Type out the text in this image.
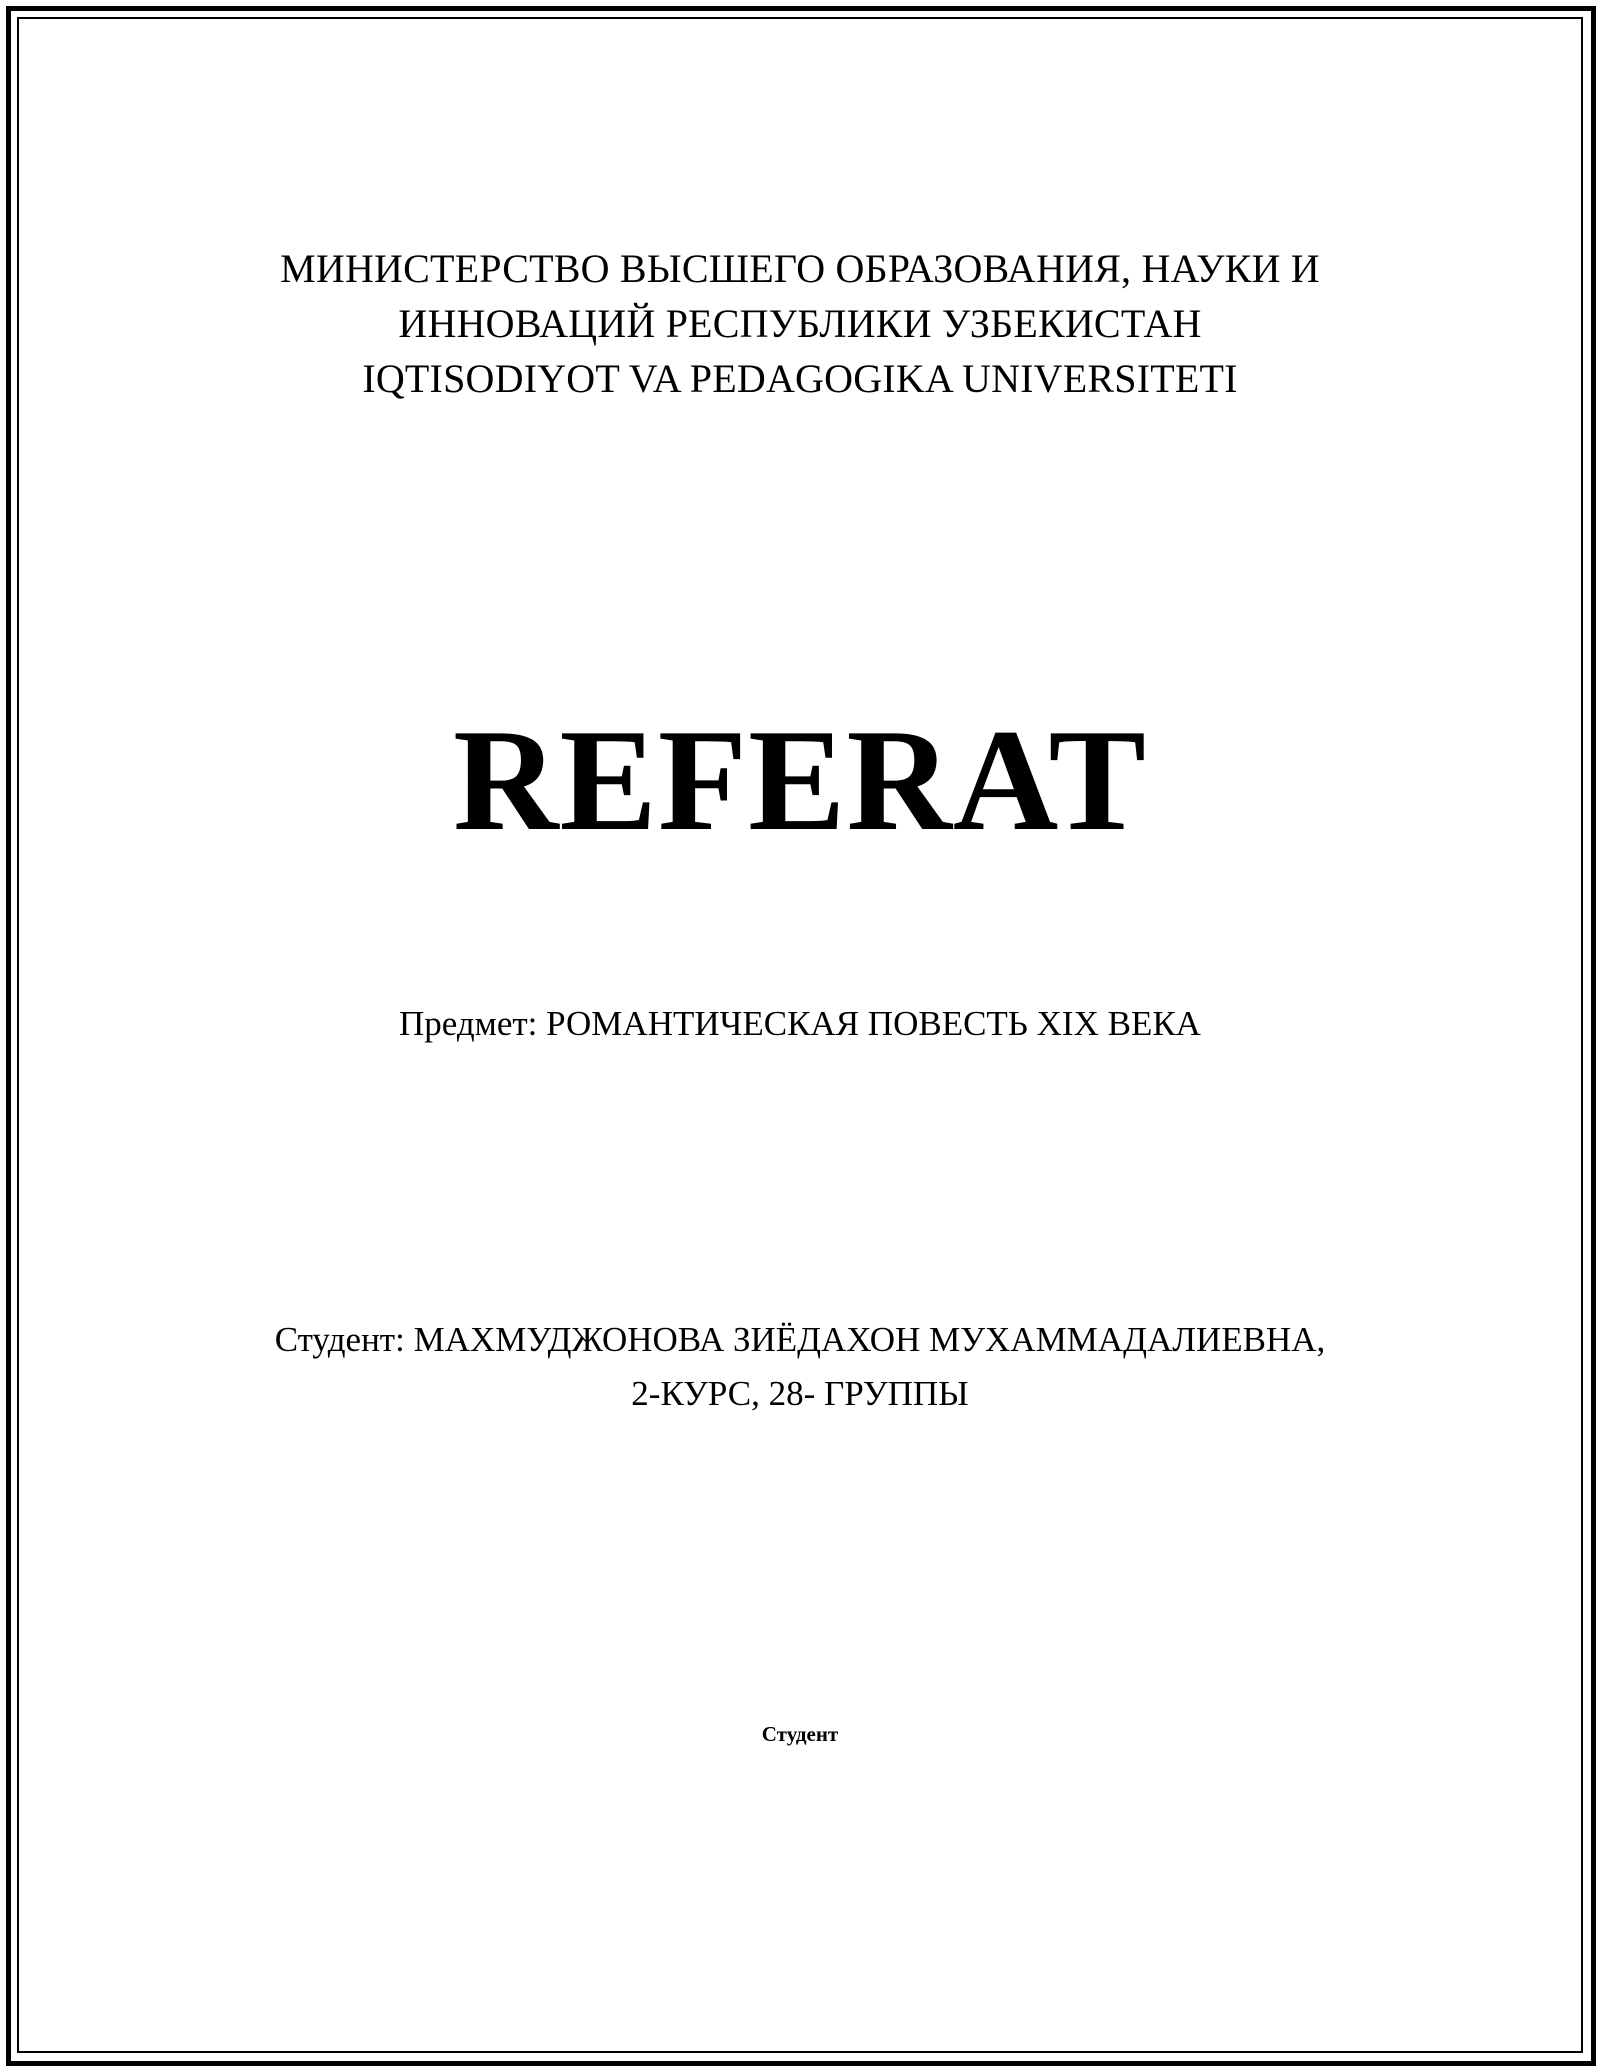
МИНИСТЕРСТВО ВЫСШЕГО ОБРАЗОВАНИЯ, НАУКИ И
ИННОВАЦИЙ РЕСПУБЛИКИ УЗБЕКИСТАН
IQTISODIYOT VA PEDAGOGIKA UNIVERSITETI
REFERAT
Предмет: РОМАНТИЧЕСКАЯ ПОВЕСТЬ XIX ВЕКА
Студент: МАХМУДЖОНОВА ЗИЁДАХОН МУХАММАДАЛИЕВНА,
2-КУРС, 28- ГРУППЫ
Студент
